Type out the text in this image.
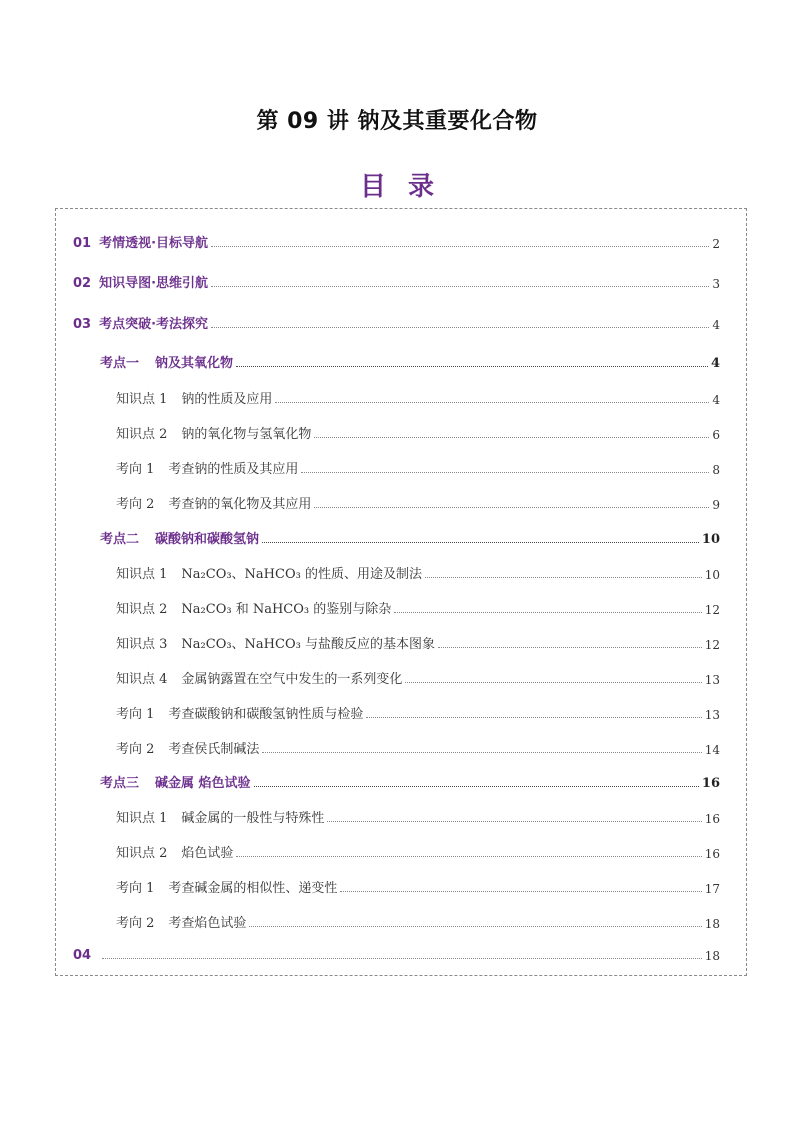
第 09 讲 钠及其重要化合物
目录
01 考情透视·目标导航	2
02 知识导图·思维引航	3
03 考点突破·考法探究	4
考点一 钠及其氧化物	4
知识点 1 钠的性质及应用	4
知识点 2 钠的氧化物与氢氧化物	6
考向 1 考查钠的性质及其应用	8
考向 2 考查钠的氧化物及其应用	9
考点二 碳酸钠和碳酸氢钠	10
知识点 1 Na₂CO₃、NaHCO₃ 的性质、用途及制法	10
知识点 2 Na₂CO₃ 和 NaHCO₃ 的鉴别与除杂	12
知识点 3 Na₂CO₃、NaHCO₃ 与盐酸反应的基本图象	12
知识点 4 金属钠露置在空气中发生的一系列变化	13
考向 1 考查碳酸钠和碳酸氢钠性质与检验	13
考向 2 考查侯氏制碱法	14
考点三 碱金属 焰色试验	16
知识点 1 碱金属的一般性与特殊性	16
知识点 2 焰色试验	16
考向 1 考查碱金属的相似性、递变性	17
考向 2 考查焰色试验	18
04	18
